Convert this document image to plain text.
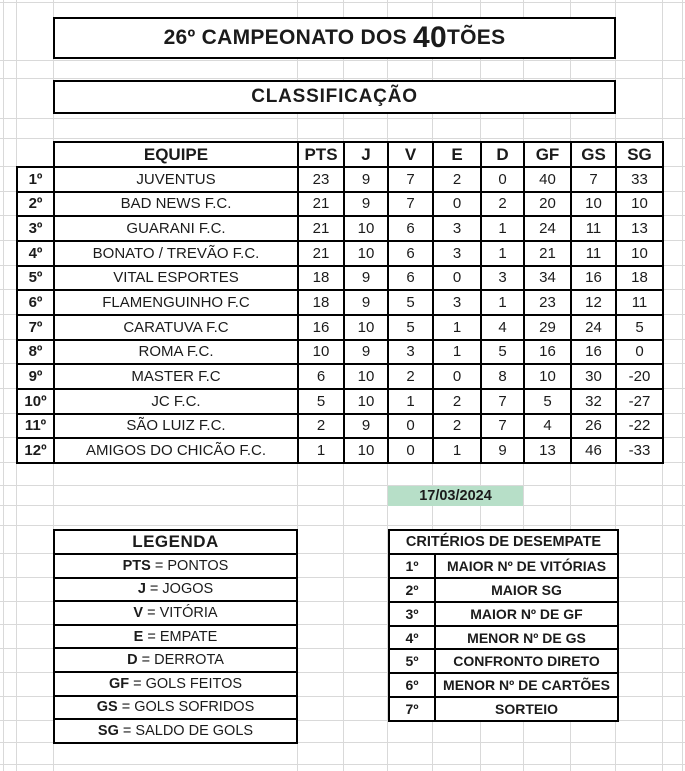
26º CAMPEONATO DOS 40 TÕES
CLASSIFICAÇÃO
	EQUIPE	PTS	J	V	E	D	GF	GS	SG
1º	JUVENTUS	23	9	7	2	0	40	7	33
2º	BAD NEWS F.C.	21	9	7	0	2	20	10	10
3º	GUARANI F.C.	21	10	6	3	1	24	11	13
4º	BONATO / TREVÃO F.C.	21	10	6	3	1	21	11	10
5º	VITAL ESPORTES	18	9	6	0	3	34	16	18
6º	FLAMENGUINHO F.C	18	9	5	3	1	23	12	11
7º	CARATUVA F.C	16	10	5	1	4	29	24	5
8º	ROMA F.C.	10	9	3	1	5	16	16	0
9º	MASTER F.C	6	10	2	0	8	10	30	-20
10º	JC F.C.	5	10	1	2	7	5	32	-27
11º	SÃO LUIZ F.C.	2	9	0	2	7	4	26	-22
12º	AMIGOS DO CHICÃO F.C.	1	10	0	1	9	13	46	-33
17/03/2024
LEGENDA
PTS = PONTOS
J = JOGOS
V = VITÓRIA
E = EMPATE
D = DERROTA
GF = GOLS FEITOS
GS = GOLS SOFRIDOS
SG = SALDO DE GOLS
CRITÉRIOS DE DESEMPATE	
1º	MAIOR Nº DE VITÓRIAS
2º	MAIOR SG
3º	MAIOR Nº DE GF
4º	MENOR Nº DE GS
5º	CONFRONTO DIRETO
6º	MENOR Nº DE CARTÕES
7º	SORTEIO
